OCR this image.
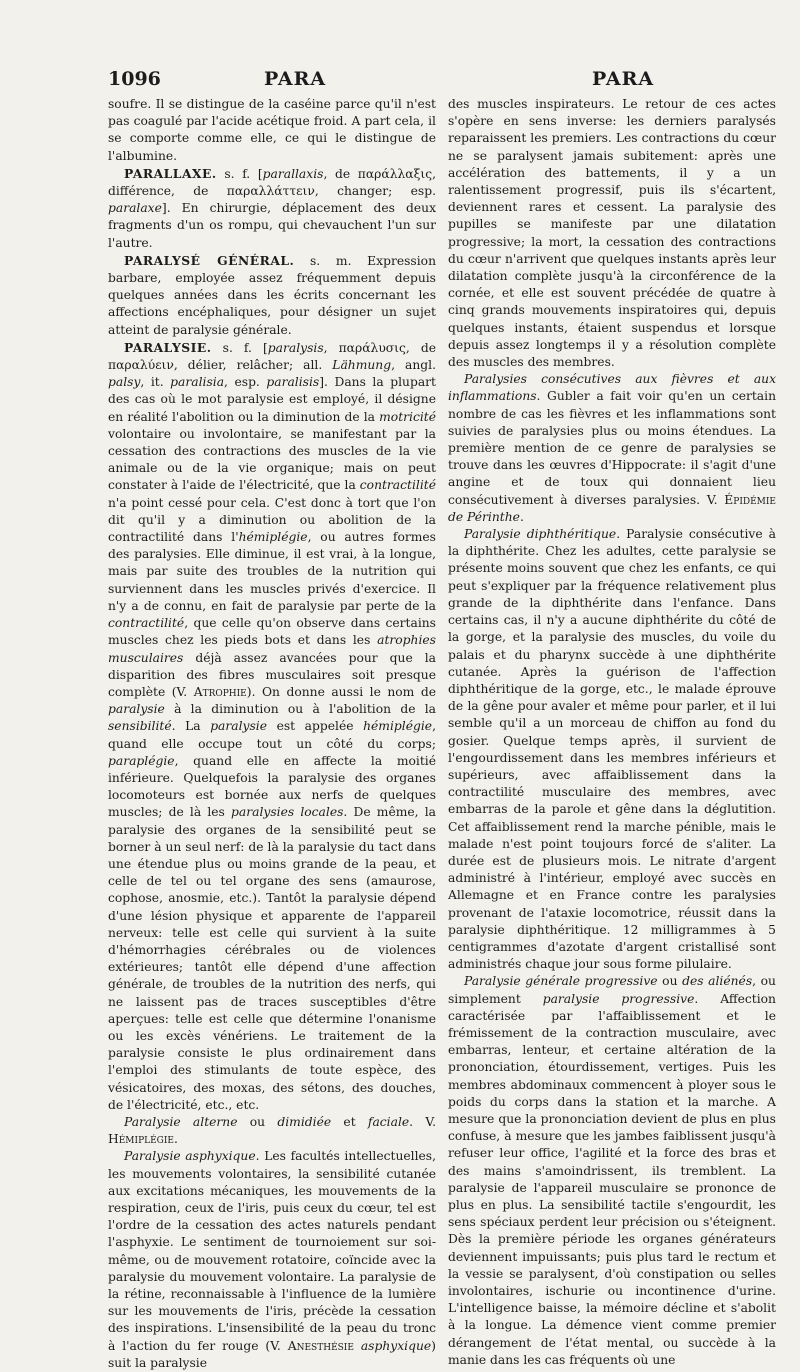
1096	PARA	PARA

soufre. Il se distingue de la caséine parce qu'il n'est pas coagulé par l'acide acétique froid. A part cela, il se comporte comme elle, ce qui le distingue de l'albumine.

PARALLAXE. s. f. [parallaxis, de παράλλαξις, différence, de παραλλάττειν, changer; esp. paralaxe]. En chirurgie, déplacement des deux fragments d'un os rompu, qui chevauchent l'un sur l'autre.

PARALYSÉ GÉNÉRAL. s. m. Expression barbare, employée assez fréquemment depuis quelques années dans les écrits concernant les affections encéphaliques, pour désigner un sujet atteint de paralysie générale.

PARALYSIE. s. f. [paralysis, παράλυσις, de παραλύειν, délier, relâcher; all. Lähmung, angl. palsy, it. paralisia, esp. paralisis]. Dans la plupart des cas où le mot paralysie est employé, il désigne en réalité l'abolition ou la diminution de la motricité volontaire ou involontaire, se manifestant par la cessation des contractions des muscles de la vie animale ou de la vie organique; mais on peut constater à l'aide de l'électricité, que la contractilité n'a point cessé pour cela. C'est donc à tort que l'on dit qu'il y a diminution ou abolition de la contractilité dans l'hémiplégie, ou autres formes des paralysies. Elle diminue, il est vrai, à la longue, mais par suite des troubles de la nutrition qui surviennent dans les muscles privés d'exercice. Il n'y a de connu, en fait de paralysie par perte de la contractilité, que celle qu'on observe dans certains muscles chez les pieds bots et dans les atrophies musculaires déjà assez avancées pour que la disparition des fibres musculaires soit presque complète (V. Atrophie). On donne aussi le nom de paralysie à la diminution ou à l'abolition de la sensibilité. La paralysie est appelée hémiplégie, quand elle occupe tout un côté du corps; paraplégie, quand elle en affecte la moitié inférieure. Quelquefois la paralysie des organes locomoteurs est bornée aux nerfs de quelques muscles; de là les paralysies locales. De même, la paralysie des organes de la sensibilité peut se borner à un seul nerf: de là la paralysie du tact dans une étendue plus ou moins grande de la peau, et celle de tel ou tel organe des sens (amaurose, cophose, anosmie, etc.). Tantôt la paralysie dépend d'une lésion physique et apparente de l'appareil nerveux: telle est celle qui survient à la suite d'hémorrhagies cérébrales ou de violences extérieures; tantôt elle dépend d'une affection générale, de troubles de la nutrition des nerfs, qui ne laissent pas de traces susceptibles d'être aperçues: telle est celle que détermine l'onanisme ou les excès vénériens. Le traitement de la paralysie consiste le plus ordinairement dans l'emploi des stimulants de toute espèce, des vésicatoires, des moxas, des sétons, des douches, de l'électricité, etc., etc.

Paralysie alterne ou dimidiée et faciale. V. Hémiplégie.

Paralysie asphyxique. Les facultés intellectuelles, les mouvements volontaires, la sensibilité cutanée aux excitations mécaniques, les mouvements de la respiration, ceux de l'iris, puis ceux du cœur, tel est l'ordre de la cessation des actes naturels pendant l'asphyxie. Le sentiment de tournoiement sur soi-même, ou de mouvement rotatoire, coïncide avec la paralysie du mouvement volontaire. La paralysie de la rétine, reconnaissable à l'influence de la lumière sur les mouvements de l'iris, précède la cessation des inspirations. L'insensibilité de la peau du tronc à l'action du fer rouge (V. Anesthésie asphyxique) suit la paralysie

des muscles inspirateurs. Le retour de ces actes s'opère en sens inverse: les derniers paralysés reparaissent les premiers. Les contractions du cœur ne se paralysent jamais subitement: après une accélération des battements, il y a un ralentissement progressif, puis ils s'écartent, deviennent rares et cessent. La paralysie des pupilles se manifeste par une dilatation progressive; la mort, la cessation des contractions du cœur n'arrivent que quelques instants après leur dilatation complète jusqu'à la circonférence de la cornée, et elle est souvent précédée de quatre à cinq grands mouvements inspiratoires qui, depuis quelques instants, étaient suspendus et lorsque depuis assez longtemps il y a résolution complète des muscles des membres.

Paralysies consécutives aux fièvres et aux inflammations. Gubler a fait voir qu'en un certain nombre de cas les fièvres et les inflammations sont suivies de paralysies plus ou moins étendues. La première mention de ce genre de paralysies se trouve dans les œuvres d'Hippocrate: il s'agit d'une angine et de toux qui donnaient lieu consécutivement à diverses paralysies. V. Épidémie de Périnthe.

Paralysie diphthéritique. Paralysie consécutive à la diphthérite. Chez les adultes, cette paralysie se présente moins souvent que chez les enfants, ce qui peut s'expliquer par la fréquence relativement plus grande de la diphthérite dans l'enfance. Dans certains cas, il n'y a aucune diphthérite du côté de la gorge, et la paralysie des muscles, du voile du palais et du pharynx succède à une diphthérite cutanée. Après la guérison de l'affection diphthéritique de la gorge, etc., le malade éprouve de la gêne pour avaler et même pour parler, et il lui semble qu'il a un morceau de chiffon au fond du gosier. Quelque temps après, il survient de l'engourdissement dans les membres inférieurs et supérieurs, avec affaiblissement dans la contractilité musculaire des membres, avec embarras de la parole et gêne dans la déglutition. Cet affaiblissement rend la marche pénible, mais le malade n'est point toujours forcé de s'aliter. La durée est de plusieurs mois. Le nitrate d'argent administré à l'intérieur, employé avec succès en Allemagne et en France contre les paralysies provenant de l'ataxie locomotrice, réussit dans la paralysie diphthéritique. 12 milligrammes à 5 centigrammes d'azotate d'argent cristallisé sont administrés chaque jour sous forme pilulaire.

Paralysie générale progressive ou des aliénés, ou simplement paralysie progressive. Affection caractérisée par l'affaiblissement et le frémissement de la contraction musculaire, avec embarras, lenteur, et certaine altération de la prononciation, étourdissement, vertiges. Puis les membres abdominaux commencent à ployer sous le poids du corps dans la station et la marche. A mesure que la prononciation devient de plus en plus confuse, à mesure que les jambes faiblissent jusqu'à refuser leur office, l'agilité et la force des bras et des mains s'amoindrissent, ils tremblent. La paralysie de l'appareil musculaire se prononce de plus en plus. La sensibilité tactile s'engourdit, les sens spéciaux perdent leur précision ou s'éteignent. Dès la première période les organes générateurs deviennent impuissants; puis plus tard le rectum et la vessie se paralysent, d'où constipation ou selles involontaires, ischurie ou incontinence d'urine. L'intelligence baisse, la mémoire décline et s'abolit à la longue. La démence vient comme premier dérangement de l'état mental, ou succède à la manie dans les cas fréquents où une
